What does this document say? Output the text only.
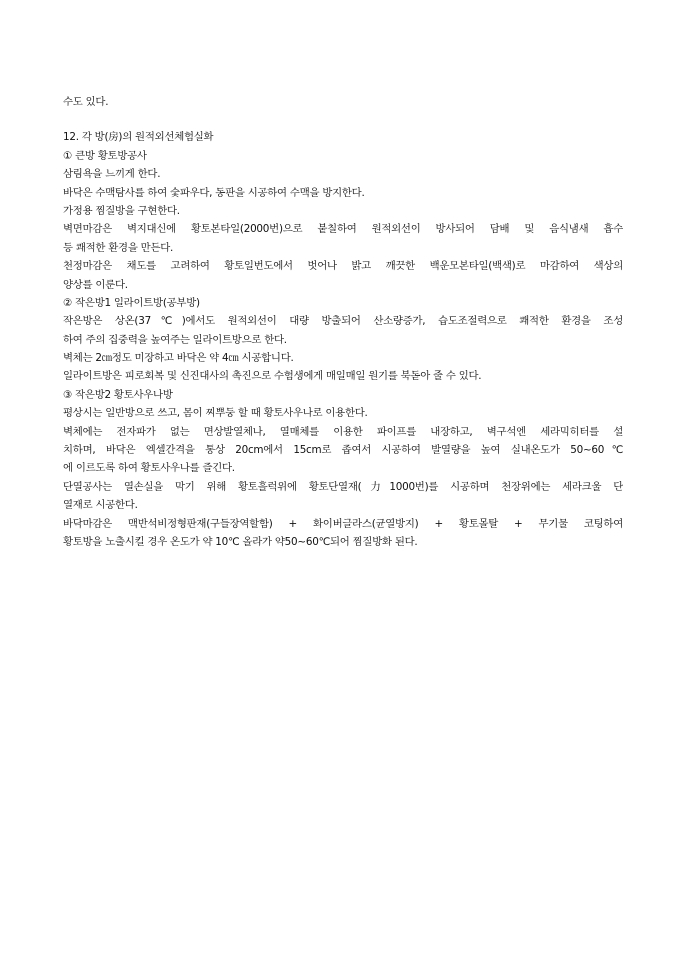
수도 있다.
12. 각 방(房)의 원적외선체험실화
① 큰방 황토방공사
삼림욕을 느끼게 한다.
바닥은 수맥탐사를 하여 숯파우다, 동판을 시공하여 수맥을 방지한다.
가정용 찜질방을 구현한다.
벽면마감은 벽지대신에 황토본타일(2000번)으로 붙칠하여 원적외선이 방사되어 담배 및 음식냄새 흡수
등 쾌적한 환경을 만든다.
천정마감은 채도를 고려하여 황토일번도에서 벗어나 밝고 깨끗한 백운모본타일(백색)로 마감하여 색상의
양상를 이룬다.
② 작은방1 일라이트방(공부방)
작은방은 상온(37℃)에서도 원적외선이 대량 방출되어 산소량증가, 습도조절력으로 쾌적한 환경을 조성
하여 주의 집중력을 높여주는 일라이트방으로 한다.
벽체는 2㎝정도 미장하고 바닥은 약 4㎝ 시공합니다.
일라이트방은 피로회복 및 신진대사의 촉진으로 수험생에게 매일매일 원기를 북돋아 줄 수 있다.
③ 작은방2 황토사우나방
평상시는 일반방으로 쓰고, 몸이 찌뿌둥 할 때 황토사우나로 이용한다.
벽체에는 전자파가 없는 면상발열체나, 열매체를 이용한 파이프를 내장하고, 벽구석엔 세라믹히터를 설
치하며, 바닥은 엑셀간격을 통상 20cm에서 15cm로 좁여서 시공하여 발열량을 높여 실내온도가 50~60℃
에 이르도록 하여 황토사우나를 즐긴다.
단열공사는 열손실을 막기 위해 황토흘럭위에 황토단열재(力1000번)를 시공하며 천장위에는 세라크울 단
열재로 시공한다.
바닥마감은 맥반석비정형판재(구들장역할함) + 화이버글라스(균열방지) + 황토몰탈 + 무기물 코팅하여
황토방을 노출시킬 경우 온도가 약 10℃ 올라가 약50~60℃되어 찜질방화 된다.
